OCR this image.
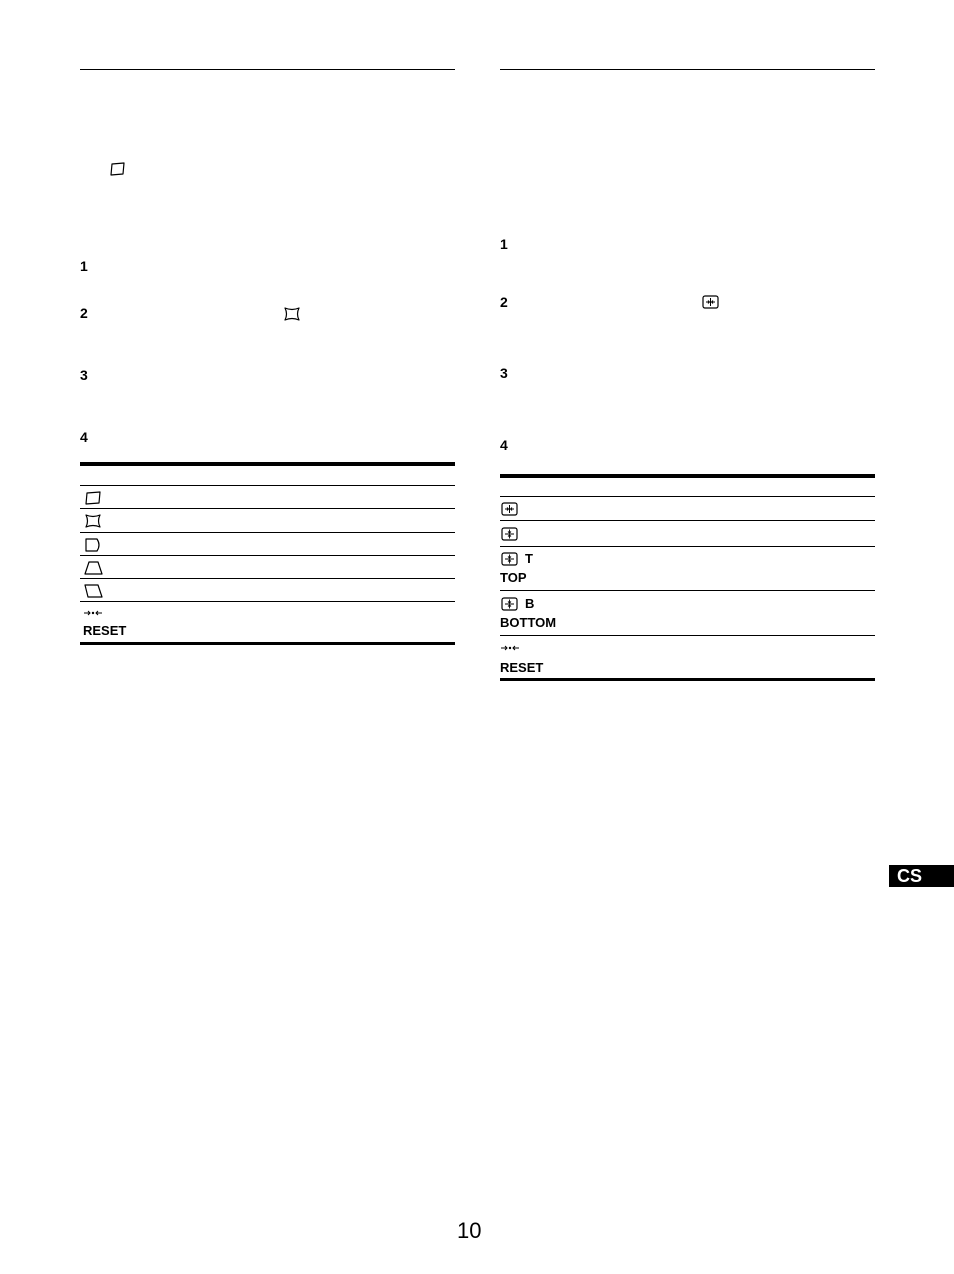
1
2
3
4
RESET
1
2
3
4
T
TOP
B
BOTTOM
RESET
CS
10
